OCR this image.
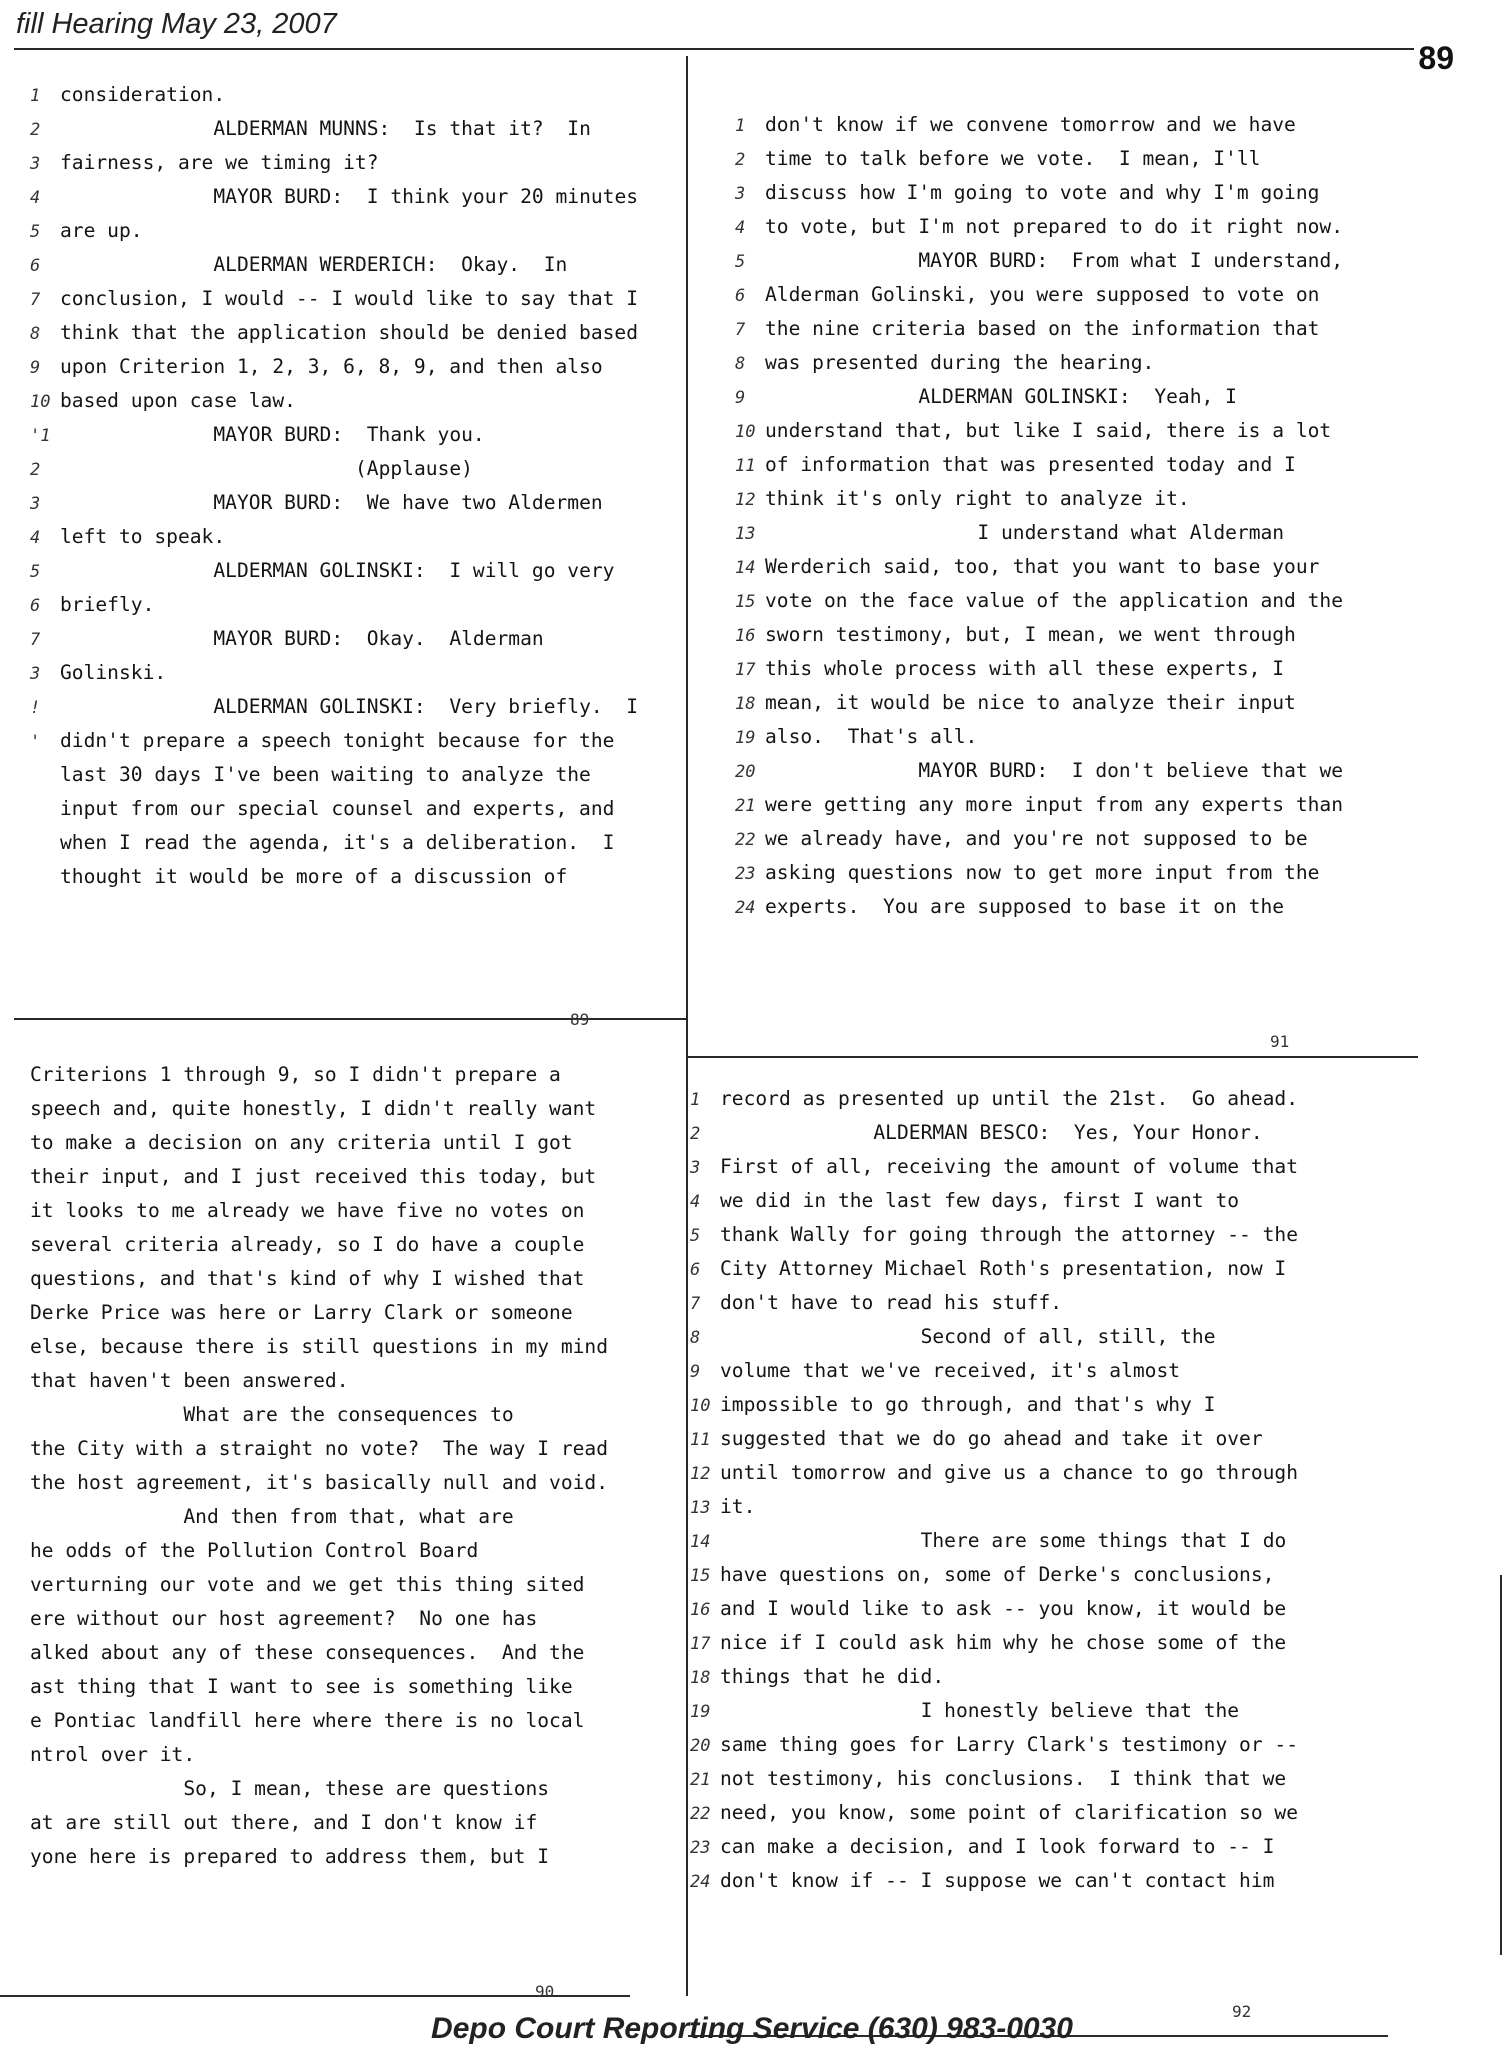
fill Hearing May 23, 2007
89
1 consideration.
2	ALDERMAN MUNNS:  Is that it?  In
3 fairness, are we timing it?
4	MAYOR BURD:  I think your 20 minutes
5 are up.
6	ALDERMAN WERDERICH:  Okay.  In
7 conclusion, I would -- I would like to say that I
8 think that the application should be denied based
9 upon Criterion 1, 2, 3, 6, 8, 9, and then also
10 based upon case law.
'1	MAYOR BURD:  Thank you.
2	(Applause)
3	MAYOR BURD:  We have two Aldermen
4 left to speak.
5	ALDERMAN GOLINSKI:  I will go very
6 briefly.
7	MAYOR BURD:  Okay.  Alderman
3 Golinski.
!	ALDERMAN GOLINSKI:  Very briefly.  I
' didn't prepare a speech tonight because for the
last 30 days I've been waiting to analyze the
input from our special counsel and experts, and
when I read the agenda, it's a deliberation.  I
thought it would be more of a discussion of
89
1 don't know if we convene tomorrow and we have
2 time to talk before we vote.  I mean, I'll
3 discuss how I'm going to vote and why I'm going
4 to vote, but I'm not prepared to do it right now.
5	MAYOR BURD:  From what I understand,
6 Alderman Golinski, you were supposed to vote on
7 the nine criteria based on the information that
8 was presented during the hearing.
9	ALDERMAN GOLINSKI:  Yeah, I
10 understand that, but like I said, there is a lot
11 of information that was presented today and I
12 think it's only right to analyze it.
13	I understand what Alderman
14 Werderich said, too, that you want to base your
15 vote on the face value of the application and the
16 sworn testimony, but, I mean, we went through
17 this whole process with all these experts, I
18 mean, it would be nice to analyze their input
19 also.  That's all.
20	MAYOR BURD:  I don't believe that we
21 were getting any more input from any experts than
22 we already have, and you're not supposed to be
23 asking questions now to get more input from the
24 experts.  You are supposed to base it on the
91
Criterions 1 through 9, so I didn't prepare a
speech and, quite honestly, I didn't really want
to make a decision on any criteria until I got
their input, and I just received this today, but
it looks to me already we have five no votes on
several criteria already, so I do have a couple
questions, and that's kind of why I wished that
Derke Price was here or Larry Clark or someone
else, because there is still questions in my mind
that haven't been answered.
What are the consequences to
the City with a straight no vote?  The way I read
the host agreement, it's basically null and void.
And then from that, what are
he odds of the Pollution Control Board
verturning our vote and we get this thing sited
ere without our host agreement?  No one has
alked about any of these consequences.  And the
ast thing that I want to see is something like
e Pontiac landfill here where there is no local
ntrol over it.
So, I mean, these are questions
at are still out there, and I don't know if
yone here is prepared to address them, but I
90
1 record as presented up until the 21st.  Go ahead.
2	ALDERMAN BESCO:  Yes, Your Honor.
3 First of all, receiving the amount of volume that
4 we did in the last few days, first I want to
5 thank Wally for going through the attorney -- the
6 City Attorney Michael Roth's presentation, now I
7 don't have to read his stuff.
8	Second of all, still, the
9 volume that we've received, it's almost
10 impossible to go through, and that's why I
11 suggested that we do go ahead and take it over
12 until tomorrow and give us a chance to go through
13 it.
14	There are some things that I do
15 have questions on, some of Derke's conclusions,
16 and I would like to ask -- you know, it would be
17 nice if I could ask him why he chose some of the
18 things that he did.
19	I honestly believe that the
20 same thing goes for Larry Clark's testimony or --
21 not testimony, his conclusions.  I think that we
22 need, you know, some point of clarification so we
23 can make a decision, and I look forward to -- I
24 don't know if -- I suppose we can't contact him
92
Depo Court Reporting Service (630) 983-0030
